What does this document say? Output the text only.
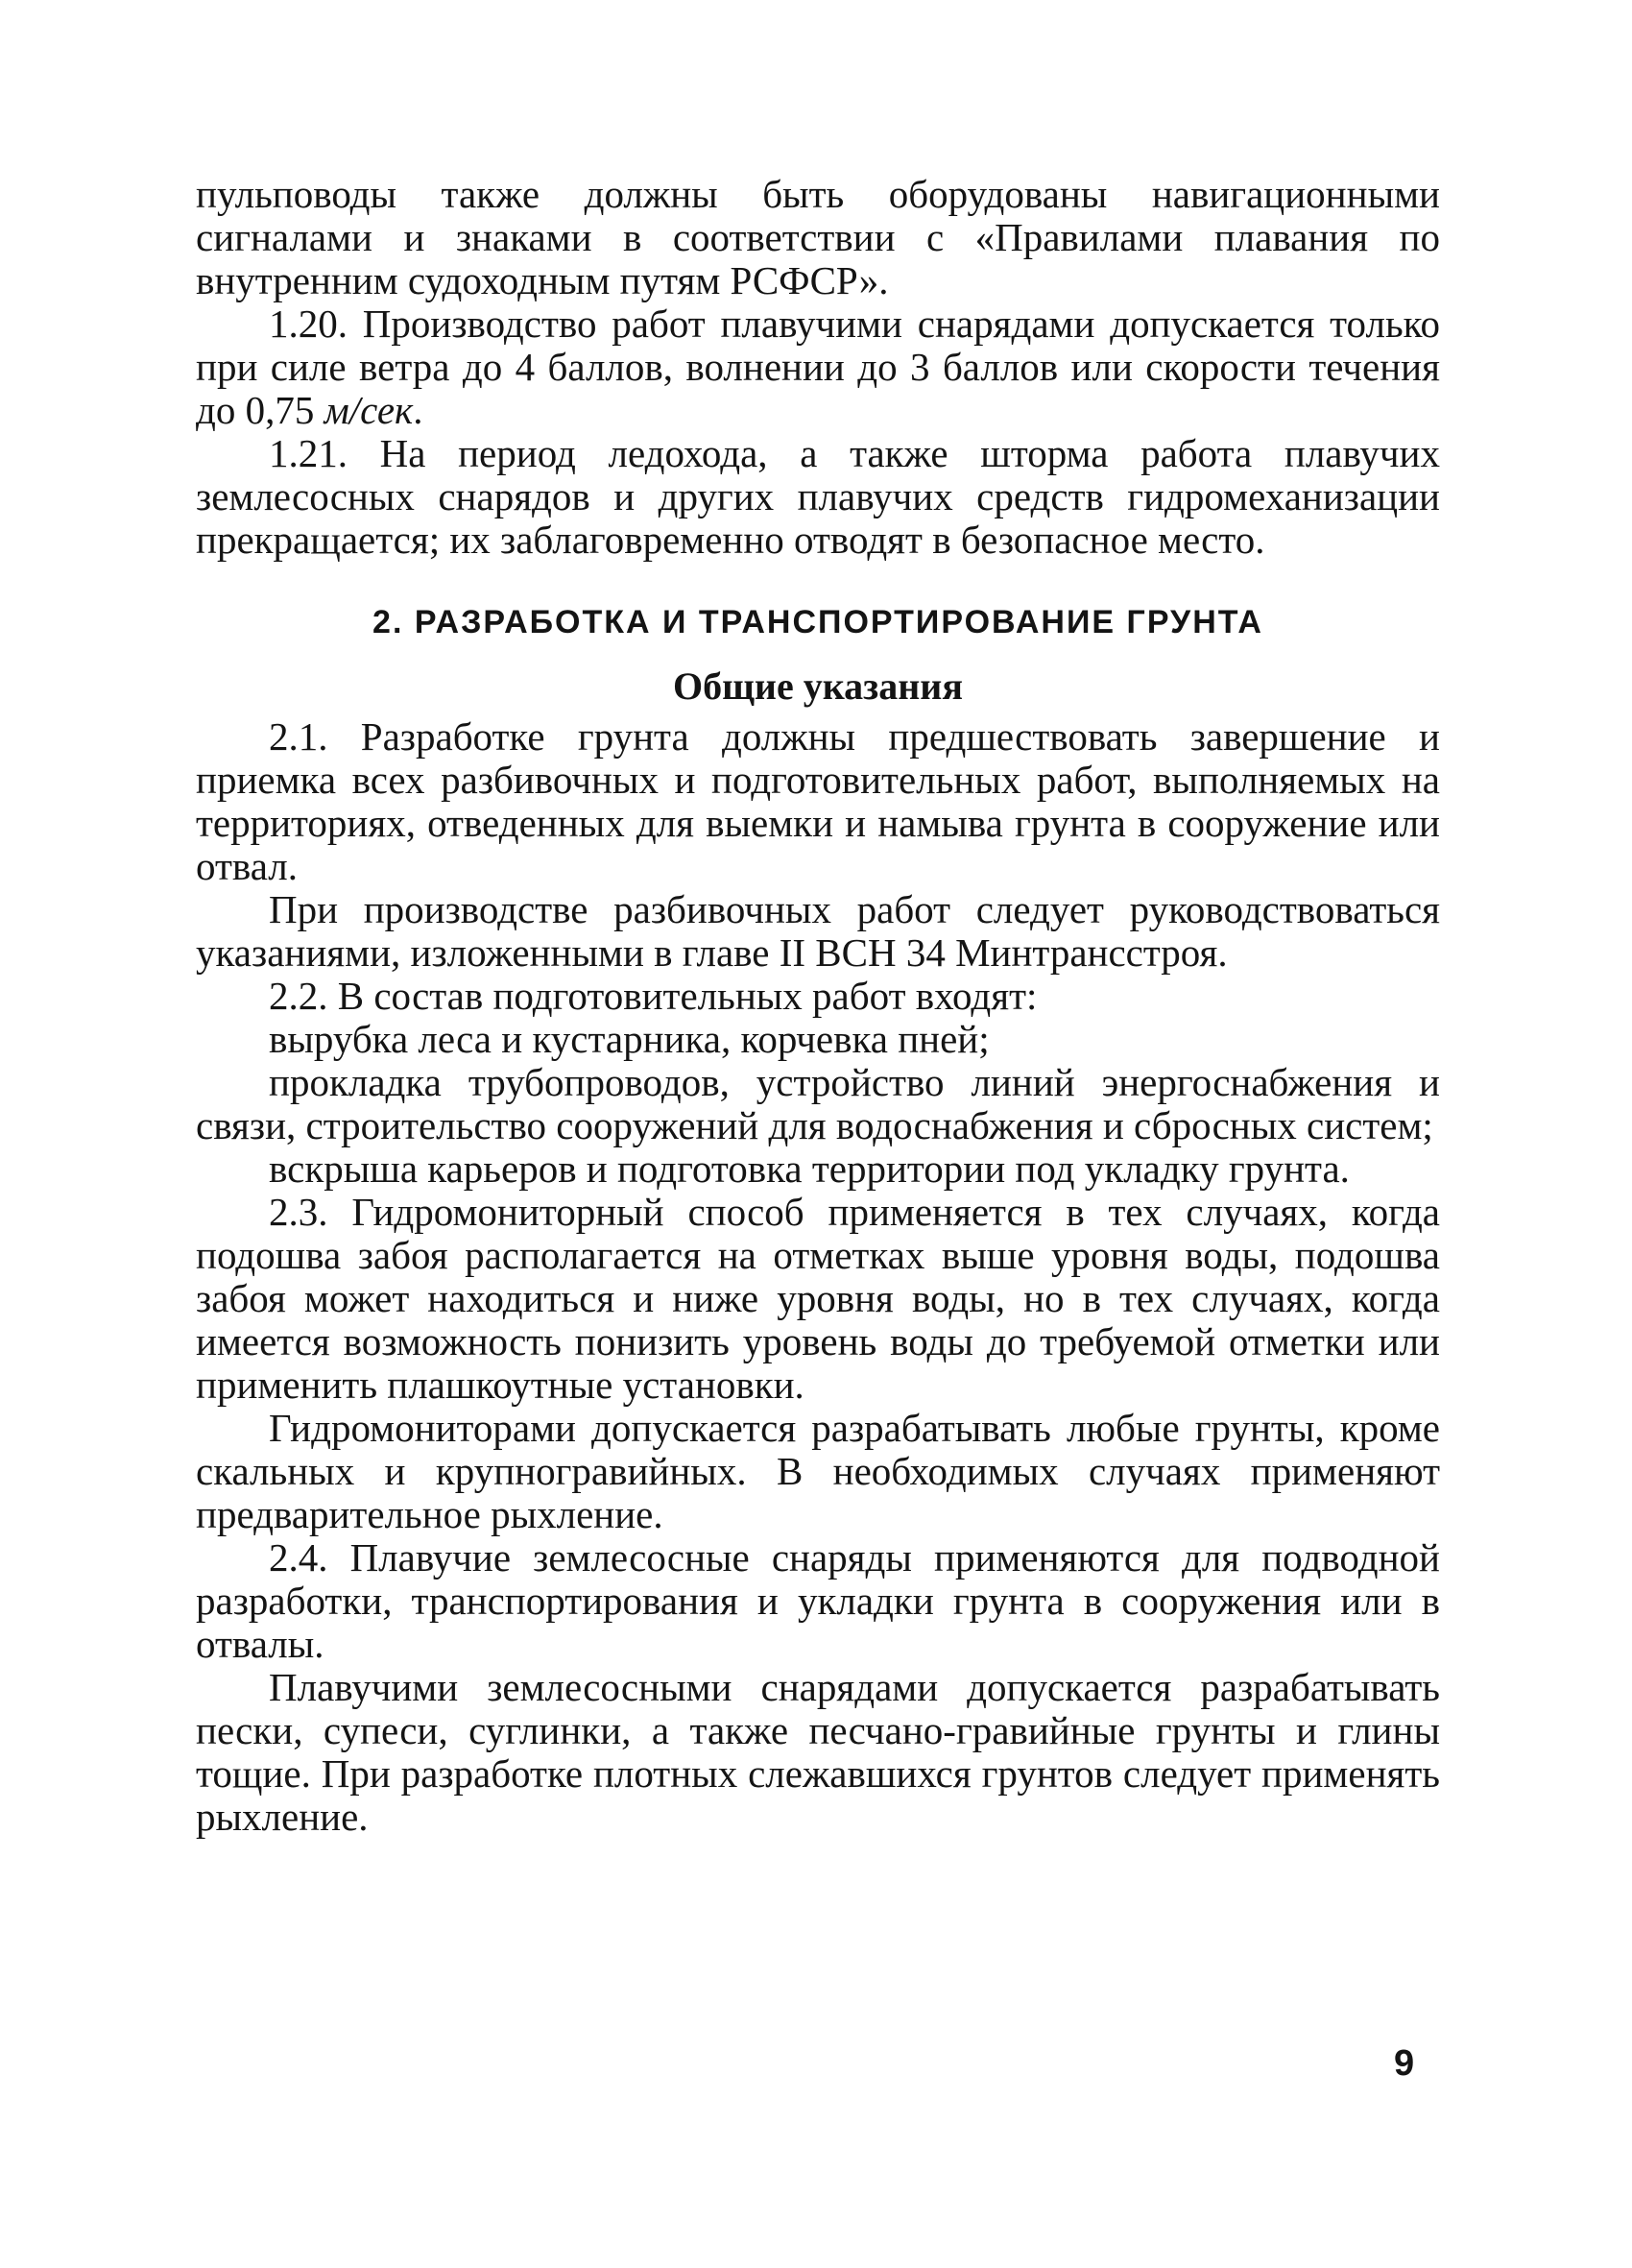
пульповоды также должны быть оборудованы навигационными сигналами и знаками в соответствии с «Правилами плавания по внутренним судоходным путям РСФСР».

1.20. Производство работ плавучими снарядами допускается только при силе ветра до 4 баллов, волнении до 3 баллов или скорости течения до 0,75 м/сек.

1.21. На период ледохода, а также шторма работа плавучих землесосных снарядов и других плавучих средств гидромеханизации прекращается; их заблаговременно отводят в безопасное место.

2. РАЗРАБОТКА И ТРАНСПОРТИРОВАНИЕ ГРУНТА
Общие указания

2.1. Разработке грунта должны предшествовать завершение и приемка всех разбивочных и подготовительных работ, выполняемых на территориях, отведенных для выемки и намыва грунта в сооружение или отвал.

При производстве разбивочных работ следует руководствоваться указаниями, изложенными в главе II ВСН 34 Минтрансстроя.

2.2. В состав подготовительных работ входят:

вырубка леса и кустарника, корчевка пней;

прокладка трубопроводов, устройство линий энергоснабжения и связи, строительство сооружений для водоснабжения и сбросных систем;

вскрыша карьеров и подготовка территории под укладку грунта.

2.3. Гидромониторный способ применяется в тех случаях, когда подошва забоя располагается на отметках выше уровня воды, подошва забоя может находиться и ниже уровня воды, но в тех случаях, когда имеется возможность понизить уровень воды до требуемой отметки или применить плашкоутные установки.

Гидромониторами допускается разрабатывать любые грунты, кроме скальных и крупногравийных. В необходимых случаях применяют предварительное рыхление.

2.4. Плавучие землесосные снаряды применяются для подводной разработки, транспортирования и укладки грунта в сооружения или в отвалы.

Плавучими землесосными снарядами допускается разрабатывать пески, супеси, суглинки, а также песчано-гравийные грунты и глины тощие. При разработке плотных слежавшихся грунтов следует применять рыхление.

9
